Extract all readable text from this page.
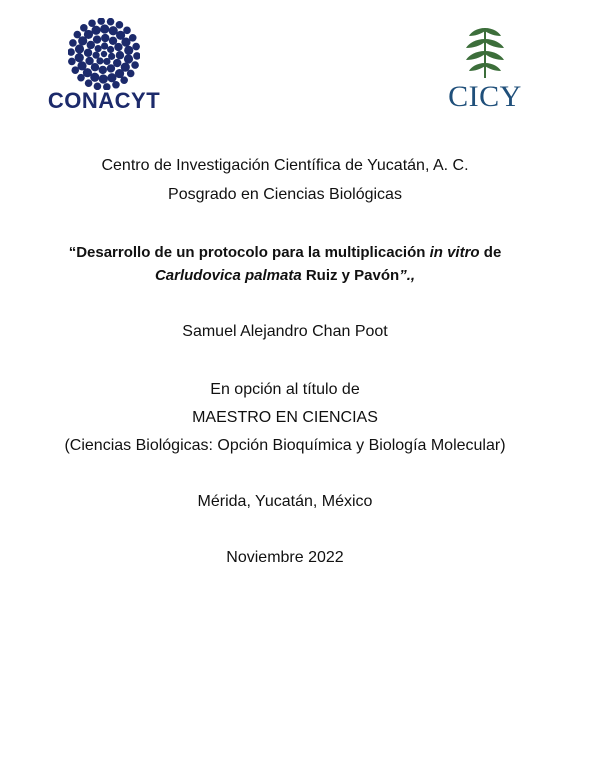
CONACYT	CICY
Centro de Investigación Científica de Yucatán, A. C.
Posgrado en Ciencias Biológicas
“Desarrollo de un protocolo para la multiplicación in vitro de
Carludovica palmata Ruiz y Pavón”.,
Samuel Alejandro Chan Poot
En opción al título de
MAESTRO EN CIENCIAS
(Ciencias Biológicas: Opción Bioquímica y Biología Molecular)
Mérida, Yucatán, México
Noviembre 2022
